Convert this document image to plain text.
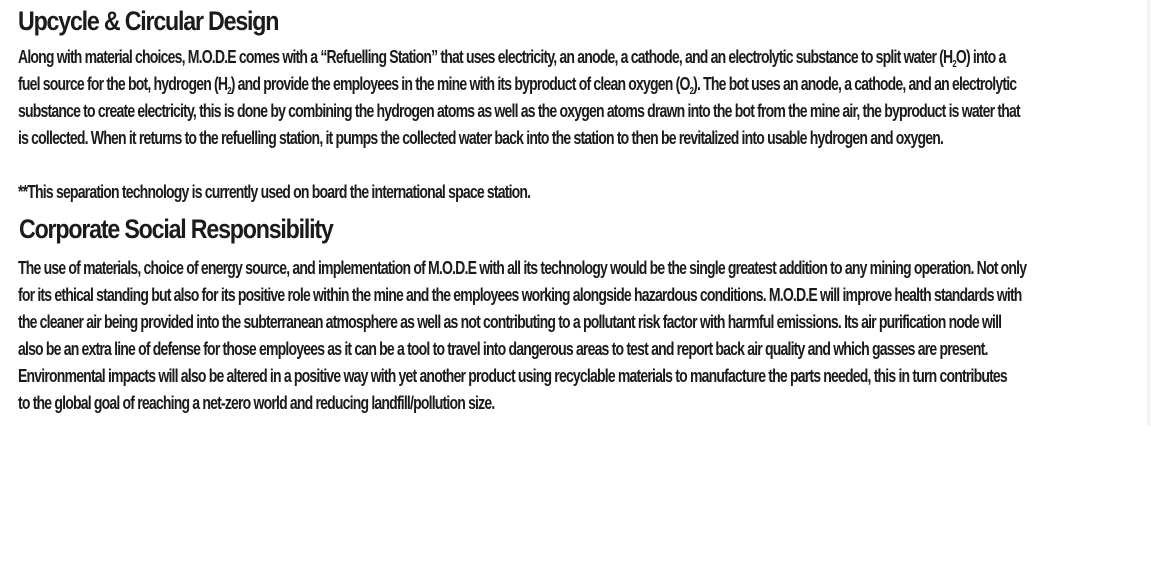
Upcycle & Circular Design

Along with material choices, M.O.D.E comes with a “Refuelling Station” that uses electricity, an anode, a cathode, and an electrolytic substance to split water $(H_2O)$ into a
fuel source for the bot, hydrogen $(H_2)$ and provide the employees in the mine with its byproduct of clean oxygen $(O_2)$. The bot uses an anode, a cathode, and an electrolytic
substance to create electricity, this is done by combining the hydrogen atoms as well as the oxygen atoms drawn into the bot from the mine air, the byproduct is water that
is collected. When it returns to the refuelling station, it pumps the collected water back into the station to then be revitalized into usable hydrogen and oxygen.

**This separation technology is currently used on board the international space station.

Corporate Social Responsibility

The use of materials, choice of energy source, and implementation of M.O.D.E with all its technology would be the single greatest addition to any mining operation. Not only
for its ethical standing but also for its positive role within the mine and the employees working alongside hazardous conditions. M.O.D.E will improve health standards with
the cleaner air being provided into the subterranean atmosphere as well as not contributing to a pollutant risk factor with harmful emissions. Its air purification node will
also be an extra line of defense for those employees as it can be a tool to travel into dangerous areas to test and report back air quality and which gasses are present.
Environmental impacts will also be altered in a positive way with yet another product using recyclable materials to manufacture the parts needed, this in turn contributes
to the global goal of reaching a net-zero world and reducing landfill/pollution size.
